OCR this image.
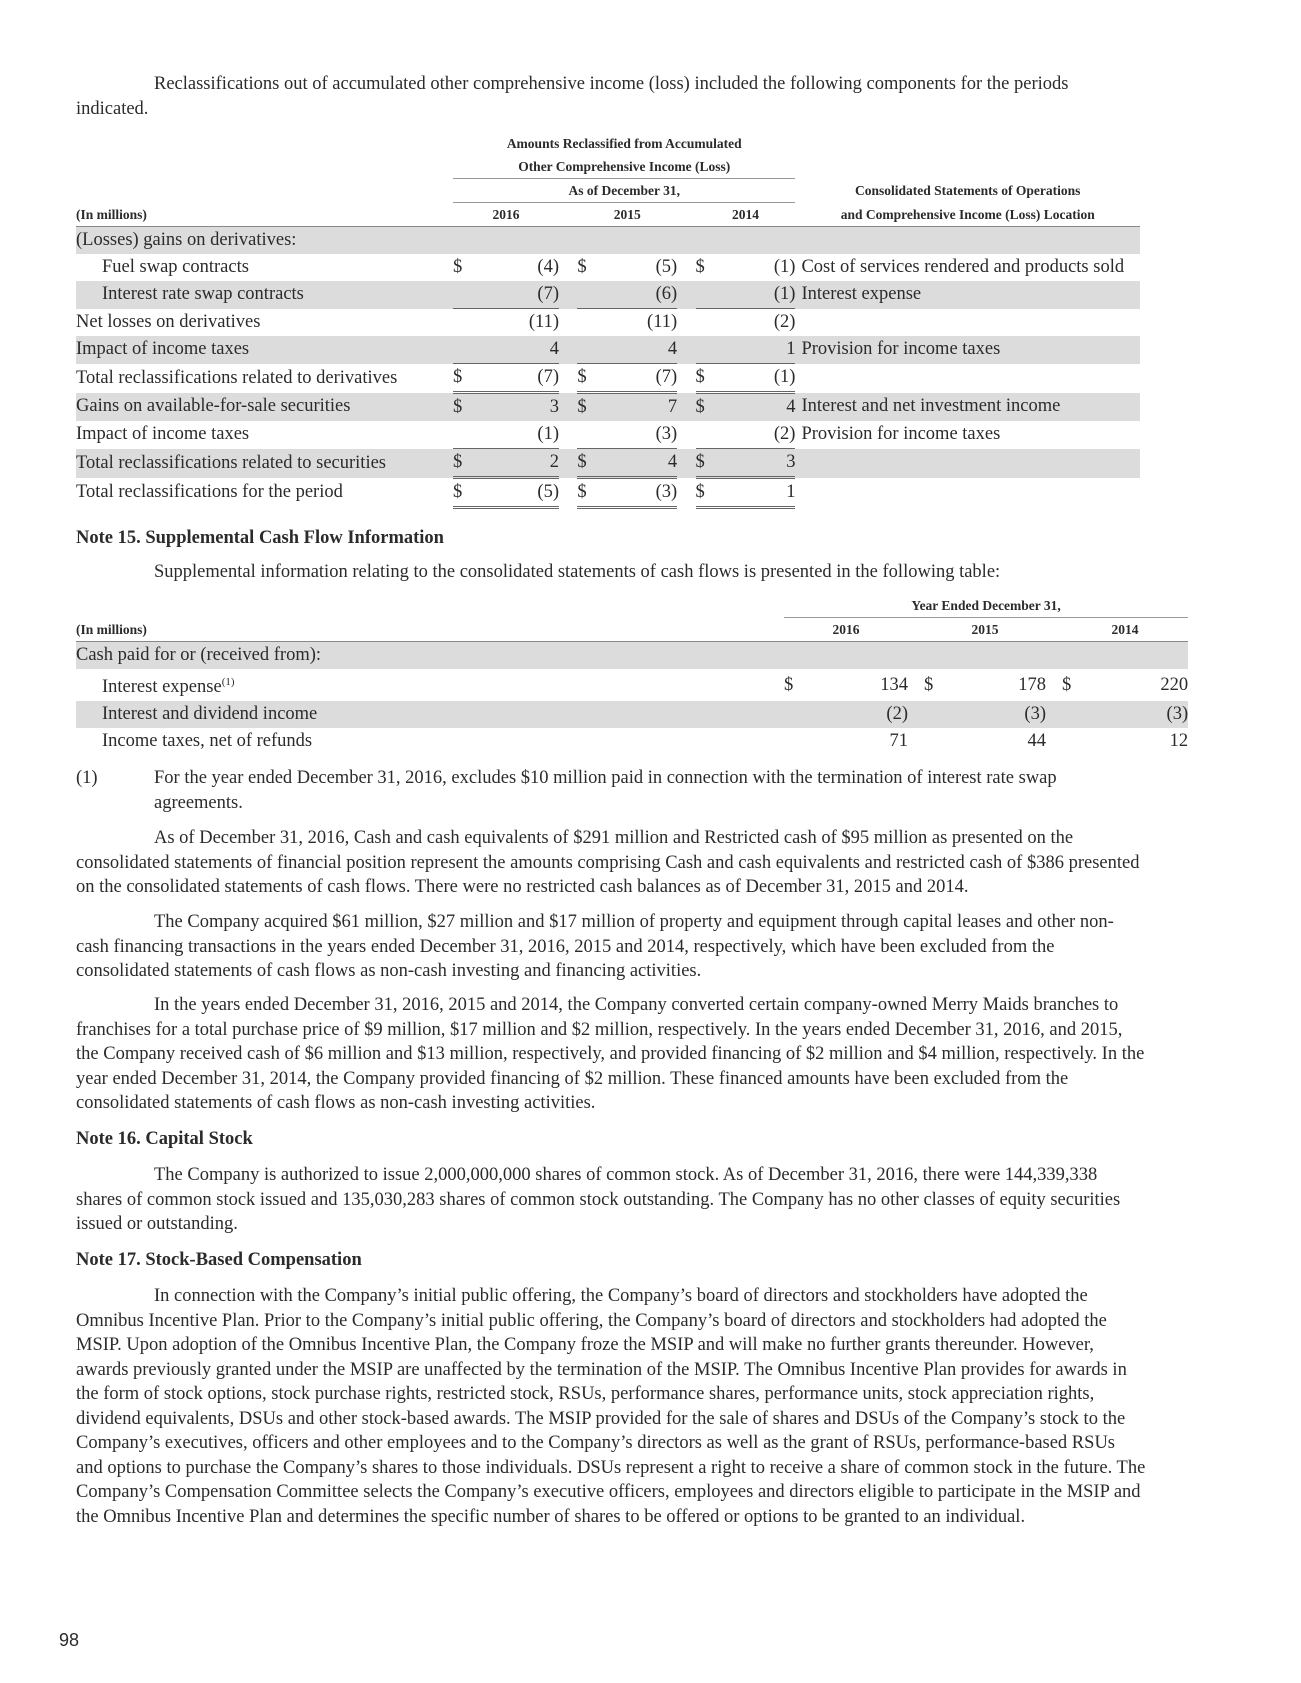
Reclassifications out of accumulated other comprehensive income (loss) included the following components for the periods indicated.

	Amounts Reclassified from Accumulated								
	Other Comprehensive Income (Loss)								
	As of December 31,								Consolidated Statements of Operations
(In millions)	2016			2015			2014		and Comprehensive Income (Loss) Location
(Losses) gains on derivatives:									
Fuel swap contracts	$	(4)		$	(5)		$	(1)	Cost of services rendered and products sold
Interest rate swap contracts		(7)			(6)			(1)	Interest expense
Net losses on derivatives		(11)			(11)			(2)	
Impact of income taxes		4			4			1	Provision for income taxes
Total reclassifications related to derivatives	$	(7)		$	(7)		$	(1)	
Gains on available-for-sale securities	$	3		$	7		$	4	Interest and net investment income
Impact of income taxes		(1)			(3)			(2)	Provision for income taxes
Total reclassifications related to securities	$	2		$	4		$	3	
Total reclassifications for the period	$	(5)		$	(3)		$	1	
Note 15. Supplemental Cash Flow Information

Supplemental information relating to the consolidated statements of cash flows is presented in the following table:

	Year Ended December 31,							
(In millions)	2016			2015			2014	
Cash paid for or (received from):								
Interest expense$^{(1)}$	$	134		$	178		$	220
Interest and dividend income		(2)			(3)			(3)
Income taxes, net of refunds		71			44			12
(1)	For the year ended December 31, 2016, excludes $10 million paid in connection with the termination of interest rate swap agreements.

As of December 31, 2016, Cash and cash equivalents of $291 million and Restricted cash of $95 million as presented on the consolidated statements of financial position represent the amounts comprising Cash and cash equivalents and restricted cash of $386 presented on the consolidated statements of cash flows. There were no restricted cash balances as of December 31, 2015 and 2014.

The Company acquired $61 million, $27 million and $17 million of property and equipment through capital leases and other non-cash financing transactions in the years ended December 31, 2016, 2015 and 2014, respectively, which have been excluded from the consolidated statements of cash flows as non-cash investing and financing activities.

In the years ended December 31, 2016, 2015 and 2014, the Company converted certain company-owned Merry Maids branches to franchises for a total purchase price of $9 million, $17 million and $2 million, respectively. In the years ended December 31, 2016, and 2015, the Company received cash of $6 million and $13 million, respectively, and provided financing of $2 million and $4 million, respectively. In the year ended December 31, 2014, the Company provided financing of $2 million. These financed amounts have been excluded from the consolidated statements of cash flows as non-cash investing activities.

Note 16. Capital Stock

The Company is authorized to issue 2,000,000,000 shares of common stock. As of December 31, 2016, there were 144,339,338 shares of common stock issued and 135,030,283 shares of common stock outstanding. The Company has no other classes of equity securities issued or outstanding.

Note 17. Stock-Based Compensation

In connection with the Company’s initial public offering, the Company’s board of directors and stockholders have adopted the Omnibus Incentive Plan. Prior to the Company’s initial public offering, the Company’s board of directors and stockholders had adopted the MSIP. Upon adoption of the Omnibus Incentive Plan, the Company froze the MSIP and will make no further grants thereunder. However, awards previously granted under the MSIP are unaffected by the termination of the MSIP. The Omnibus Incentive Plan provides for awards in the form of stock options, stock purchase rights, restricted stock, RSUs, performance shares, performance units, stock appreciation rights, dividend equivalents, DSUs and other stock-based awards. The MSIP provided for the sale of shares and DSUs of the Company’s stock to the Company’s executives, officers and other employees and to the Company’s directors as well as the grant of RSUs, performance-based RSUs and options to purchase the Company’s shares to those individuals. DSUs represent a right to receive a share of common stock in the future. The Company’s Compensation Committee selects the Company’s executive officers, employees and directors eligible to participate in the MSIP and the Omnibus Incentive Plan and determines the specific number of shares to be offered or options to be granted to an individual.

98
